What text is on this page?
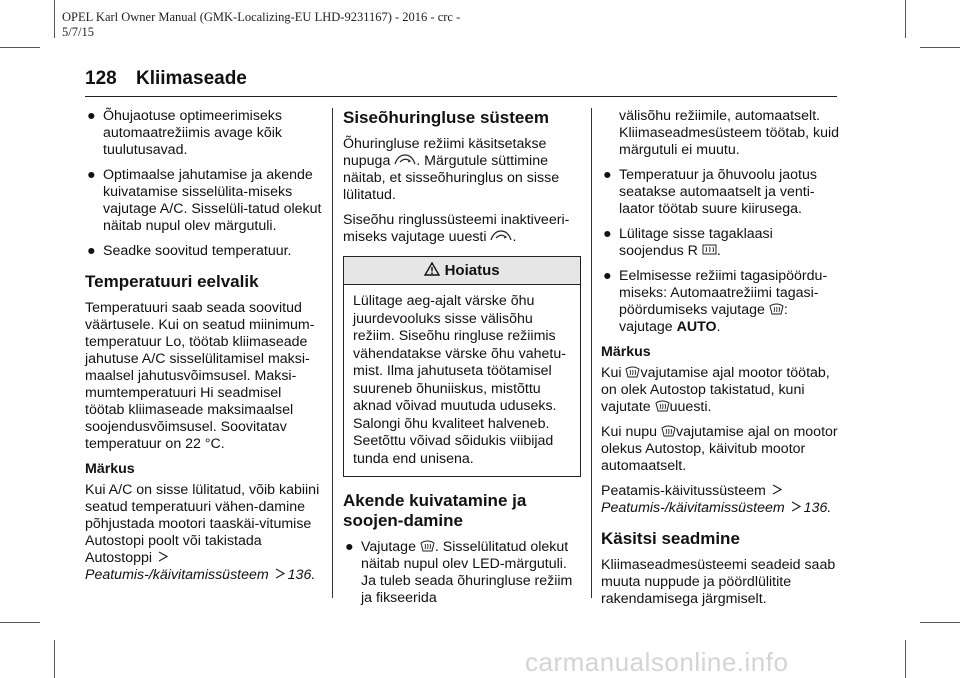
OPEL Karl Owner Manual (GMK-Localizing-EU LHD-9231167) - 2016 - crc -
5/7/15
128 Kliimaseade
● Õhujaotuse optimeerimiseks automaatrežiimis avage kõik tuulutusavad.
● Optimaalse jahutamise ja akende kuivatamise sisselülita-miseks vajutage A/C. Sisselüli-tatud olekut näitab nupul olev märgutuli.
● Seadke soovitud temperatuur.
Temperatuuri eelvalik

Temperatuuri saab seada soovitud väärtusele. Kui on seatud miinimum-temperatuur Lo, töötab kliimaseade jahutuse A/C sisselülitamisel maksi-maalsel jahutusvõimsusel. Maksi-mumtemperatuuri Hi seadmisel töötab kliimaseade maksimaalsel soojendusvõimsusel. Soovitatav temperatuur on 22 °C.

Märkus

Kui A/C on sisse lülitatud, võib kabiini seatud temperatuuri vähen-damine põhjustada mootori taaskäi-vitumise Autostopi poolt või takistada Autostoppi Peatumis-/käivitamissüsteem 136.

Siseõhuringluse süsteem

Õhuringluse režiimi käsitsetakse nupuga . Märgutule süttimine näitab, et sisseõhuringlus on sisse lülitatud.

Siseõhu ringlussüsteemi inaktiveeri-miseks vajutage uuesti .

Hoiatus
Lülitage aeg-ajalt värske õhu juurdevooluks sisse välisõhu režiim. Siseõhu ringluse režiimis vähendatakse värske õhu vahetu-mist. Ilma jahutuseta töötamisel suureneb õhuniiskus, mistõttu aknad võivad muutuda uduseks. Salongi õhu kvaliteet halveneb. Seetõttu võivad sõidukis viibijad tunda end unisena.
Akende kuivatamine ja soojen-damine
● Vajutage . Sisselülitatud olekut näitab nupul olev LED-märgutuli. Ja tuleb seada õhuringluse režiim ja fikseerida

välisõhu režiimile, automaatselt. Kliimaseadmesüsteem töötab, kuid märgutuli ei muutu.

● Temperatuur ja õhuvoolu jaotus seatakse automaatselt ja venti-laator töötab suure kiirusega.
● Lülitage sisse tagaklaasi soojendus R .
● Eelmisesse režiimi tagasipöördu-miseks: Automaatrežiimi tagasi-pöördumiseks vajutage : vajutage AUTO.
Märkus

Kui vajutamise ajal mootor töötab, on olek Autostop takistatud, kuni vajutate uuesti.

Kui nupu vajutamise ajal on mootor olekus Autostop, käivitub mootor automaatselt.

Peatamis-käivitussüsteem
Peatumis-/käivitamissüsteem 136.

Käsitsi seadmine

Kliimaseadmesüsteemi seadeid saab muuta nuppude ja pöördlülitite rakendamisega järgmiselt.

carmanualsonline.info
